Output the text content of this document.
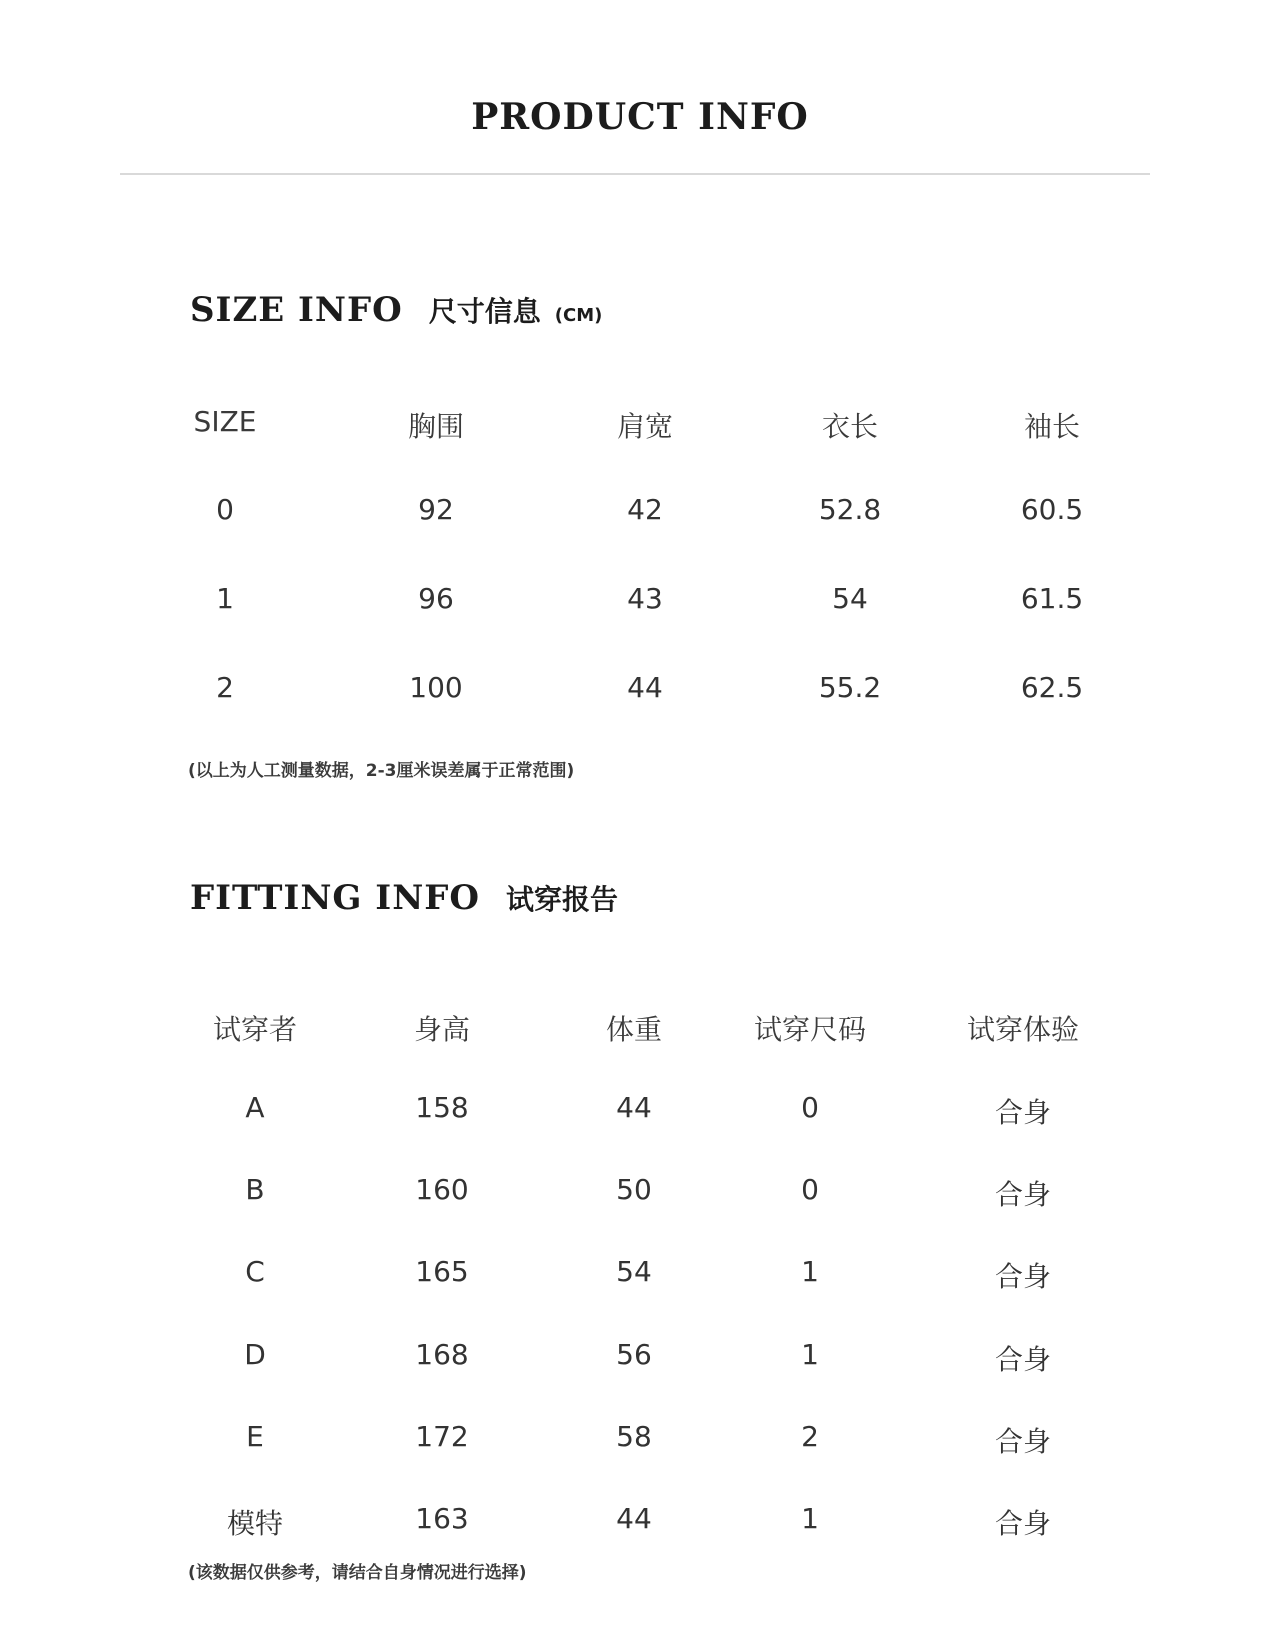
PRODUCT INFO
SIZE INFO 尺寸信息 (CM)
SIZE	胸围	肩宽	衣长	袖长
0	92	42	52.8	60.5
1	96	43	54	61.5
2	100	44	55.2	62.5
(以上为人工测量数据，2-3厘米误差属于正常范围)
FITTING INFO 试穿报告
试穿者	身高	体重	试穿尺码	试穿体验
A	158	44	0	合身
B	160	50	0	合身
C	165	54	1	合身
D	168	56	1	合身
E	172	58	2	合身
模特	163	44	1	合身
(该数据仅供参考，请结合自身情况进行选择)
